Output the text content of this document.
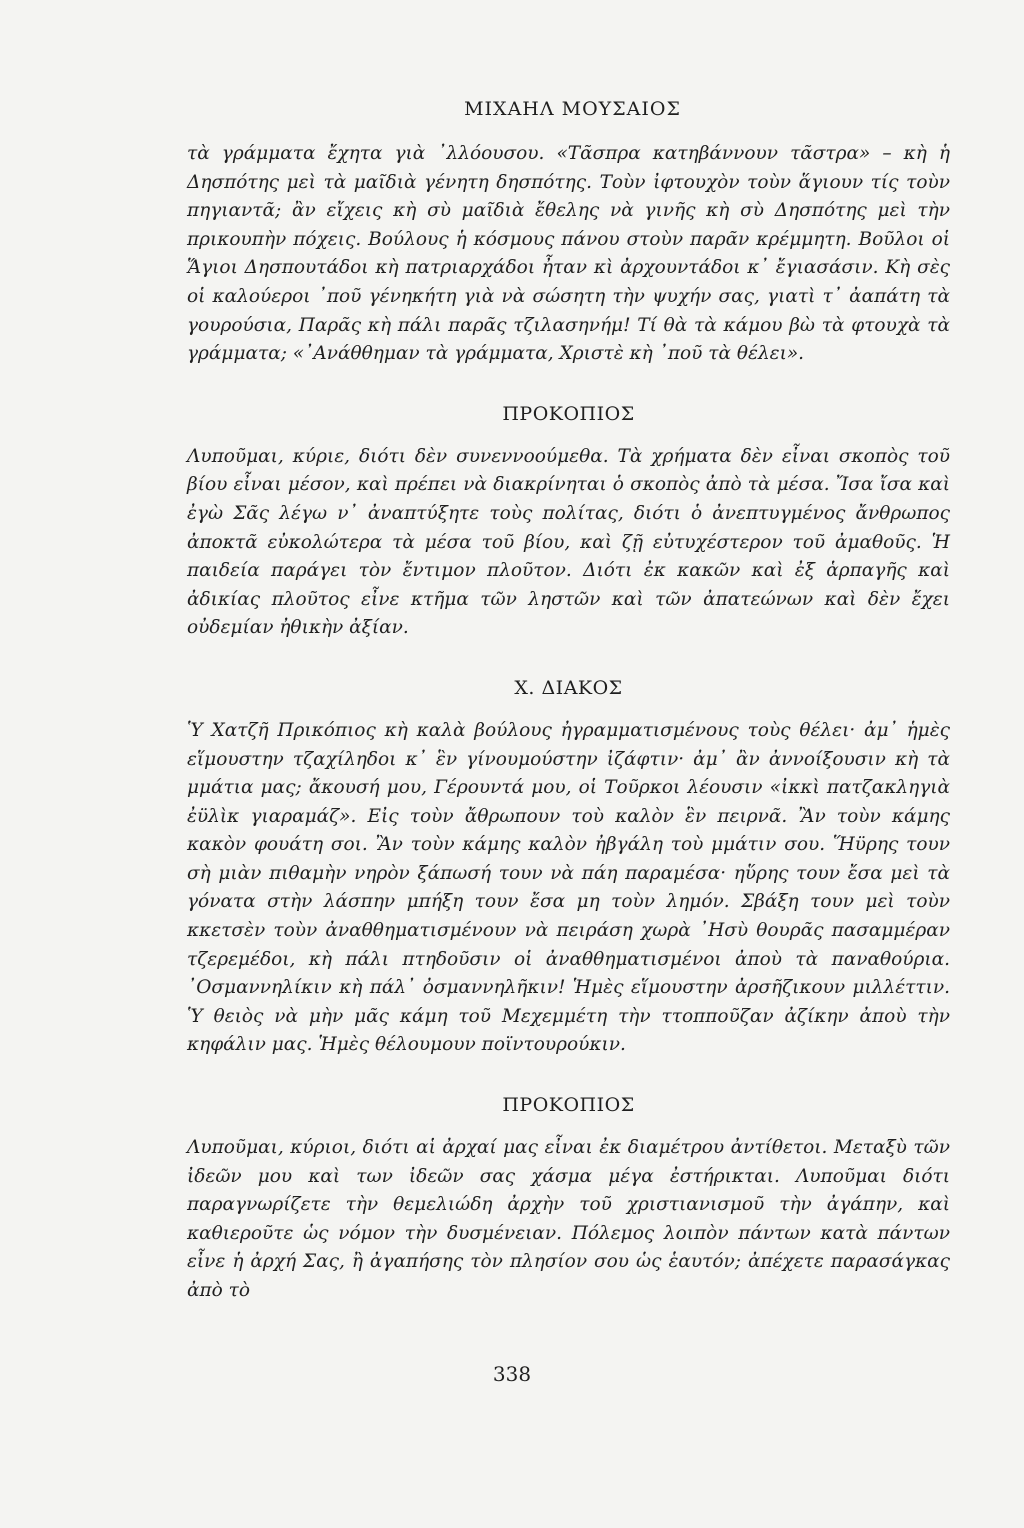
ΜΙΧΑΗΛ ΜΟΥΣΑΙΟΣ

τὰ γράμματα ἔχητα γιὰ ᾿λλόουσου. «Τᾶσπρα κατηβάννουν τᾶστρα» – κὴ ἡ Δησπότης μεὶ τὰ μαῖδιὰ γένητη δησπότης. Τοὺν ἰφτουχὸν τοὺν ἅγιουν τίς τοὺν πηγιαντᾶ; ἂν εἴχεις κὴ σὺ μαῖδιὰ ἔθελης νὰ γινῆς κὴ σὺ Δησπότης μεὶ τὴν πρικουπὴν πόχεις. Βούλους ἡ κόσμους πάνου στοὺν παρᾶν κρέμμητη. Βοῦλοι οἱ Ἅγιοι Δησπουτάδοι κὴ πατριαρχάδοι ἦταν κὶ ἀρχουντάδοι κ᾿ ἔγιασάσιν. Κὴ σὲς οἱ καλούεροι ᾿ποῦ γένηκήτη γιὰ νὰ σώσητη τὴν ψυχήν σας, γιατὶ τ᾿ ἀαπάτη τὰ γουρούσια, Παρᾶς κὴ πάλι παρᾶς τζιλασηνήμ! Τί θὰ τὰ κάμου βὼ τὰ φτουχὰ τὰ γράμματα; «᾿Ανάθθημαν τὰ γράμματα, Χριστὲ κὴ ᾿ποῦ τὰ θέλει».

ΠΡΟΚΟΠΙΟΣ

Λυποῦμαι, κύριε, διότι δὲν συνεννοούμεθα. Τὰ χρήματα δὲν εἶναι σκοπὸς τοῦ βίου εἶναι μέσον, καὶ πρέπει νὰ διακρίνηται ὁ σκοπὸς ἀπὸ τὰ μέσα. Ἴσα ἴσα καὶ ἐγὼ Σᾶς λέγω ν᾿ ἀναπτύξητε τοὺς πολίτας, διότι ὁ ἀνεπτυγμένος ἄνθρωπος ἀποκτᾶ εὐκολώτερα τὰ μέσα τοῦ βίου, καὶ ζῇ εὐτυχέστερον τοῦ ἀμαθοῦς. Ἡ παιδεία παράγει τὸν ἔντιμον πλοῦτον. Διότι ἐκ κακῶν καὶ ἐξ ἁρπαγῆς καὶ ἀδικίας πλοῦτος εἶνε κτῆμα τῶν ληστῶν καὶ τῶν ἀπατεώνων καὶ δὲν ἔχει οὐδεμίαν ἠθικὴν ἀξίαν.

Χ. ΔΙΑΚΟΣ

Ὑ Χατζῆ Πρικόπιος κὴ καλὰ βούλους ἠγραμματισμένους τοὺς θέλει· ἀμ᾿ ἡμὲς εἵμουστην τζαχίληδοι κ᾿ ἓν γίνουμούστην ἰζάφτιν· ἀμ᾿ ἂν ἀννοίξουσιν κὴ τὰ μμάτια μας; ἄκουσή μου, Γέρουντά μου, οἱ Τοῦρκοι λέουσιν «ἰκκὶ πατζακληγιὰ ἐϋλὶκ γιαραμάζ». Εἰς τοὺν ἄθρωπουν τοὺ καλὸν ἓν πειρνᾶ. Ἂν τοὺν κάμης κακὸν φουάτη σοι. Ἂν τοὺν κάμης καλὸν ἠβγάλη τοὺ μμάτιν σου. Ἥϋρης τουν σὴ μιὰν πιθαμὴν νηρὸν ξάπωσή τουν νὰ πάη παραμέσα· ηὕρης τουν ἔσα μεὶ τὰ γόνατα στὴν λάσπην μπήξη τουν ἔσα μη τοὺν λημόν. Σβάξη τουν μεὶ τοὺν κκετσὲν τοὺν ἀναθθηματισμένουν νὰ πειράση χωρὰ ᾿Ησὺ θουρᾶς πασαμμέραν τζερεμέδοι, κὴ πάλι πτηδοῦσιν οἱ ἀναθθηματισμένοι ἀποὺ τὰ παναθούρια. ᾿Οσμαννηλίκιν κὴ πάλ᾿ ὀσμαννηλῆκιν! Ἡμὲς εἵμουστην ἀρσῆζικουν μιλλέττιν. Ὑ θειὸς νὰ μὴν μᾶς κάμη τοῦ Μεχεμμέτη τὴν ττοπποῦζαν ἀζίκην ἀποὺ τὴν κηφάλιν μας. Ἡμὲς θέλουμουν ποϊντουρούκιν.

ΠΡΟΚΟΠΙΟΣ

Λυποῦμαι, κύριοι, διότι αἱ ἀρχαί μας εἶναι ἐκ διαμέτρου ἀντίθετοι. Μεταξὺ τῶν ἰδεῶν μου καὶ των ἰδεῶν σας χάσμα μέγα ἐστήρικται. Λυποῦμαι διότι παραγνωρίζετε τὴν θεμελιώδη ἀρχὴν τοῦ χριστιανισμοῦ τὴν ἀγάπην, καὶ καθιεροῦτε ὡς νόμον τὴν δυσμένειαν. Πόλεμος λοιπὸν πάντων κατὰ πάντων εἶνε ἡ ἀρχή Σας, ἢ ἀγαπήσης τὸν πλησίον σου ὡς ἑαυτόν; ἀπέχετε παρασάγκας ἀπὸ τὸ

338
